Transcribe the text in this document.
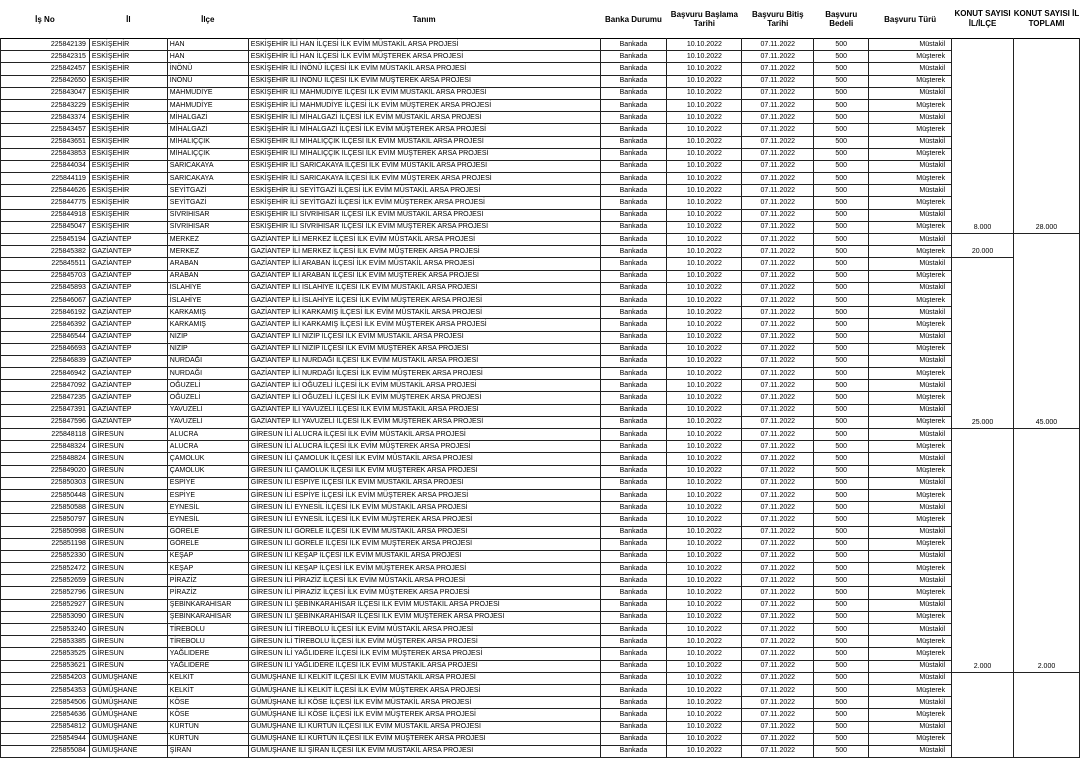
İş No	İl	İlçe	Tanım	Banka Durumu	Başvuru Başlama Tarihi	Başvuru Bitiş Tarihi	Başvuru Bedeli	Başvuru Türü	KONUT SAYISI İL/İLÇE	KONUT SAYISI İL TOPLAMI
225842139	ESKİŞEHİR	HAN	ESKİŞEHİR İLİ HAN İLÇESİ İLK EVİM MÜSTAKİL ARSA PROJESİ	Bankada	10.10.2022	07.11.2022	500	Müstakil	8.000	28.000
225842315	ESKİŞEHİR	HAN	ESKİŞEHİR İLİ HAN İLÇESİ İLK EVİM MÜŞTEREK ARSA PROJESİ	Bankada	10.10.2022	07.11.2022	500	Müşterek		
225842457	ESKİŞEHİR	İNÖNÜ	ESKİŞEHİR İLİ İNÖNÜ İLÇESİ İLK EVİM MÜSTAKİL ARSA PROJESİ	Bankada	10.10.2022	07.11.2022	500	Müstakil		
225842650	ESKİŞEHİR	İNÖNÜ	ESKİŞEHİR İLİ İNÖNÜ İLÇESİ İLK EVİM MÜŞTEREK ARSA PROJESİ	Bankada	10.10.2022	07.11.2022	500	Müşterek		
225843047	ESKİŞEHİR	MAHMUDİYE	ESKİŞEHİR İLİ MAHMUDİYE İLÇESİ İLK EVİM MÜSTAKİL ARSA PROJESİ	Bankada	10.10.2022	07.11.2022	500	Müstakil		
225843229	ESKİŞEHİR	MAHMUDİYE	ESKİŞEHİR İLİ MAHMUDİYE İLÇESİ İLK EVİM MÜŞTEREK ARSA PROJESİ	Bankada	10.10.2022	07.11.2022	500	Müşterek		
225843374	ESKİŞEHİR	MİHALGAZİ	ESKİŞEHİR İLİ MİHALGAZİ İLÇESİ İLK EVİM MÜSTAKİL ARSA PROJESİ	Bankada	10.10.2022	07.11.2022	500	Müstakil		
225843457	ESKİŞEHİR	MİHALGAZİ	ESKİŞEHİR İLİ MİHALGAZİ İLÇESİ İLK EVİM MÜŞTEREK ARSA PROJESİ	Bankada	10.10.2022	07.11.2022	500	Müşterek		
225843651	ESKİŞEHİR	MİHALIÇÇIK	ESKİŞEHİR İLİ MİHALIÇÇIK İLÇESİ İLK EVİM MÜSTAKİL ARSA PROJESİ	Bankada	10.10.2022	07.11.2022	500	Müstakil		
225843853	ESKİŞEHİR	MİHALIÇÇIK	ESKİŞEHİR İLİ MİHALIÇÇIK İLÇESİ İLK EVİM MÜŞTEREK ARSA PROJESİ	Bankada	10.10.2022	07.11.2022	500	Müşterek		
225844034	ESKİŞEHİR	SARICAKAYA	ESKİŞEHİR İLİ SARICAKAYA İLÇESİ İLK EVİM MÜSTAKİL ARSA PROJESİ	Bankada	10.10.2022	07.11.2022	500	Müstakil		
225844119	ESKİŞEHİR	SARICAKAYA	ESKİŞEHİR İLİ SARICAKAYA İLÇESİ İLK EVİM MÜŞTEREK ARSA PROJESİ	Bankada	10.10.2022	07.11.2022	500	Müşterek		
225844626	ESKİŞEHİR	SEYİTGAZİ	ESKİŞEHİR İLİ SEYİTGAZİ İLÇESİ İLK EVİM MÜSTAKİL ARSA PROJESİ	Bankada	10.10.2022	07.11.2022	500	Müstakil		
225844775	ESKİŞEHİR	SEYİTGAZİ	ESKİŞEHİR İLİ SEYİTGAZİ İLÇESİ İLK EVİM MÜŞTEREK ARSA PROJESİ	Bankada	10.10.2022	07.11.2022	500	Müşterek		
225844918	ESKİŞEHİR	SİVRİHİSAR	ESKİŞEHİR İLİ SİVRİHİSAR İLÇESİ İLK EVİM MÜSTAKİL ARSA PROJESİ	Bankada	10.10.2022	07.11.2022	500	Müstakil		
225845047	ESKİŞEHİR	SİVRİHİSAR	ESKİŞEHİR İLİ SİVRİHİSAR İLÇESİ İLK EVİM MÜŞTEREK ARSA PROJESİ	Bankada	10.10.2022	07.11.2022	500	Müşterek		
225845194	GAZİANTEP	MERKEZ	GAZİANTEP İLİ MERKEZ İLÇESİ İLK EVİM MÜSTAKİL ARSA PROJESİ	Bankada	10.10.2022	07.11.2022	500	Müstakil	20.000	45.000
225845382	GAZİANTEP	MERKEZ	GAZİANTEP İLİ MERKEZ İLÇESİ İLK EVİM MÜŞTEREK ARSA PROJESİ	Bankada	10.10.2022	07.11.2022	500	Müşterek		
225845511	GAZİANTEP	ARABAN	GAZİANTEP İLİ ARABAN İLÇESİ İLK EVİM MÜSTAKİL ARSA PROJESİ	Bankada	10.10.2022	07.11.2022	500	Müstakil	25.000	
225845703	GAZİANTEP	ARABAN	GAZİANTEP İLİ ARABAN İLÇESİ İLK EVİM MÜŞTEREK ARSA PROJESİ	Bankada	10.10.2022	07.11.2022	500	Müşterek		
225845893	GAZİANTEP	İSLAHİYE	GAZİANTEP İLİ İSLAHİYE İLÇESİ İLK EVİM MÜSTAKİL ARSA PROJESİ	Bankada	10.10.2022	07.11.2022	500	Müstakil		
225846067	GAZİANTEP	İSLAHİYE	GAZİANTEP İLİ İSLAHİYE İLÇESİ İLK EVİM MÜŞTEREK ARSA PROJESİ	Bankada	10.10.2022	07.11.2022	500	Müşterek		
225846192	GAZİANTEP	KARKAMIŞ	GAZİANTEP İLİ KARKAMIŞ İLÇESİ İLK EVİM MÜSTAKİL ARSA PROJESİ	Bankada	10.10.2022	07.11.2022	500	Müstakil		
225846392	GAZİANTEP	KARKAMIŞ	GAZİANTEP İLİ KARKAMIŞ İLÇESİ İLK EVİM MÜŞTEREK ARSA PROJESİ	Bankada	10.10.2022	07.11.2022	500	Müşterek		
225846544	GAZİANTEP	NİZİP	GAZİANTEP İLİ NİZİP İLÇESİ İLK EVİM MÜSTAKİL ARSA PROJESİ	Bankada	10.10.2022	07.11.2022	500	Müstakil		
225846693	GAZİANTEP	NİZİP	GAZİANTEP İLİ NİZİP İLÇESİ İLK EVİM MÜŞTEREK ARSA PROJESİ	Bankada	10.10.2022	07.11.2022	500	Müşterek		
225846839	GAZİANTEP	NURDAĞI	GAZİANTEP İLİ NURDAĞI İLÇESİ İLK EVİM MÜSTAKİL ARSA PROJESİ	Bankada	10.10.2022	07.11.2022	500	Müstakil		
225846942	GAZİANTEP	NURDAĞI	GAZİANTEP İLİ NURDAĞI İLÇESİ İLK EVİM MÜŞTEREK ARSA PROJESİ	Bankada	10.10.2022	07.11.2022	500	Müşterek		
225847092	GAZİANTEP	OĞUZELİ	GAZİANTEP İLİ OĞUZELİ İLÇESİ İLK EVİM MÜSTAKİL ARSA PROJESİ	Bankada	10.10.2022	07.11.2022	500	Müstakil		
225847235	GAZİANTEP	OĞUZELİ	GAZİANTEP İLİ OĞUZELİ İLÇESİ İLK EVİM MÜŞTEREK ARSA PROJESİ	Bankada	10.10.2022	07.11.2022	500	Müşterek		
225847391	GAZİANTEP	YAVUZELİ	GAZİANTEP İLİ YAVUZELİ İLÇESİ İLK EVİM MÜSTAKİL ARSA PROJESİ	Bankada	10.10.2022	07.11.2022	500	Müstakil		
225847596	GAZİANTEP	YAVUZELİ	GAZİANTEP İLİ YAVUZELİ İLÇESİ İLK EVİM MÜŞTEREK ARSA PROJESİ	Bankada	10.10.2022	07.11.2022	500	Müşterek		
225848118	GİRESUN	ALUCRA	GİRESUN İLİ ALUCRA İLÇESİ İLK EVİM MÜSTAKİL ARSA PROJESİ	Bankada	10.10.2022	07.11.2022	500	Müstakil	2.000	2.000
225848324	GİRESUN	ALUCRA	GİRESUN İLİ ALUCRA İLÇESİ İLK EVİM MÜŞTEREK ARSA PROJESİ	Bankada	10.10.2022	07.11.2022	500	Müşterek		
225848824	GİRESUN	ÇAMOLUK	GİRESUN İLİ ÇAMOLUK İLÇESİ İLK EVİM MÜSTAKİL ARSA PROJESİ	Bankada	10.10.2022	07.11.2022	500	Müstakil		
225849020	GİRESUN	ÇAMOLUK	GİRESUN İLİ ÇAMOLUK İLÇESİ İLK EVİM MÜŞTEREK ARSA PROJESİ	Bankada	10.10.2022	07.11.2022	500	Müşterek		
225850303	GİRESUN	ESPİYE	GİRESUN İLİ ESPİYE İLÇESİ İLK EVİM MÜSTAKİL ARSA PROJESİ	Bankada	10.10.2022	07.11.2022	500	Müstakil		
225850448	GİRESUN	ESPİYE	GİRESUN İLİ ESPİYE İLÇESİ İLK EVİM MÜŞTEREK ARSA PROJESİ	Bankada	10.10.2022	07.11.2022	500	Müşterek		
225850588	GİRESUN	EYNESİL	GİRESUN İLİ EYNESİL İLÇESİ İLK EVİM MÜSTAKİL ARSA PROJESİ	Bankada	10.10.2022	07.11.2022	500	Müstakil		
225850797	GİRESUN	EYNESİL	GİRESUN İLİ EYNESİL İLÇESİ İLK EVİM MÜŞTEREK ARSA PROJESİ	Bankada	10.10.2022	07.11.2022	500	Müşterek		
225850998	GİRESUN	GÖRELE	GİRESUN İLİ GÖRELE İLÇESİ İLK EVİM MÜSTAKİL ARSA PROJESİ	Bankada	10.10.2022	07.11.2022	500	Müstakil		
225851198	GİRESUN	GÖRELE	GİRESUN İLİ GÖRELE İLÇESİ İLK EVİM MÜŞTEREK ARSA PROJESİ	Bankada	10.10.2022	07.11.2022	500	Müşterek		
225852330	GİRESUN	KEŞAP	GİRESUN İLİ KEŞAP İLÇESİ İLK EVİM MÜSTAKİL ARSA PROJESİ	Bankada	10.10.2022	07.11.2022	500	Müstakil		
225852472	GİRESUN	KEŞAP	GİRESUN İLİ KEŞAP İLÇESİ İLK EVİM MÜŞTEREK ARSA PROJESİ	Bankada	10.10.2022	07.11.2022	500	Müşterek		
225852659	GİRESUN	PİRAZİZ	GİRESUN İLİ PİRAZİZ İLÇESİ İLK EVİM MÜSTAKİL ARSA PROJESİ	Bankada	10.10.2022	07.11.2022	500	Müstakil		
225852796	GİRESUN	PİRAZİZ	GİRESUN İLİ PİRAZİZ İLÇESİ İLK EVİM MÜŞTEREK ARSA PROJESİ	Bankada	10.10.2022	07.11.2022	500	Müşterek		
225852927	GİRESUN	ŞEBİNKARAHİSAR	GİRESUN İLİ ŞEBİNKARAHİSAR İLÇESİ İLK EVİM MÜSTAKİL ARSA PROJESİ	Bankada	10.10.2022	07.11.2022	500	Müstakil		
225853090	GİRESUN	ŞEBİNKARAHİSAR	GİRESUN İLİ ŞEBİNKARAHİSAR İLÇESİ İLK EVİM MÜŞTEREK ARSA PROJESİ	Bankada	10.10.2022	07.11.2022	500	Müşterek		
225853240	GİRESUN	TİREBOLU	GİRESUN İLİ TİREBOLU İLÇESİ İLK EVİM MÜSTAKİL ARSA PROJESİ	Bankada	10.10.2022	07.11.2022	500	Müstakil		
225853385	GİRESUN	TİREBOLU	GİRESUN İLİ TİREBOLU İLÇESİ İLK EVİM MÜŞTEREK ARSA PROJESİ	Bankada	10.10.2022	07.11.2022	500	Müşterek		
225853525	GİRESUN	YAĞLIDERE	GİRESUN İLİ YAĞLIDERE İLÇESİ İLK EVİM MÜŞTEREK ARSA PROJESİ	Bankada	10.10.2022	07.11.2022	500	Müşterek		
225853621	GİRESUN	YAĞLIDERE	GİRESUN İLİ YAĞLIDERE İLÇESİ İLK EVİM MÜSTAKİL ARSA PROJESİ	Bankada	10.10.2022	07.11.2022	500	Müstakil		
225854203	GÜMÜŞHANE	KELKİT	GÜMÜŞHANE İLİ KELKİT İLÇESİ İLK EVİM MÜSTAKİL ARSA PROJESİ	Bankada	10.10.2022	07.11.2022	500	Müstakil		
225854353	GÜMÜŞHANE	KELKİT	GÜMÜŞHANE İLİ KELKİT İLÇESİ İLK EVİM MÜŞTEREK ARSA PROJESİ	Bankada	10.10.2022	07.11.2022	500	Müşterek		
225854506	GÜMÜŞHANE	KÖSE	GÜMÜŞHANE İLİ KÖSE İLÇESİ İLK EVİM MÜSTAKİL ARSA PROJESİ	Bankada	10.10.2022	07.11.2022	500	Müstakil		
225854636	GÜMÜŞHANE	KÖSE	GÜMÜŞHANE İLİ KÖSE İLÇESİ İLK EVİM MÜŞTEREK ARSA PROJESİ	Bankada	10.10.2022	07.11.2022	500	Müşterek		
225854812	GÜMÜŞHANE	KÜRTÜN	GÜMÜŞHANE İLİ KÜRTÜN İLÇESİ İLK EVİM MÜSTAKİL ARSA PROJESİ	Bankada	10.10.2022	07.11.2022	500	Müstakil		
225854944	GÜMÜŞHANE	KÜRTÜN	GÜMÜŞHANE İLİ KÜRTÜN İLÇESİ İLK EVİM MÜŞTEREK ARSA PROJESİ	Bankada	10.10.2022	07.11.2022	500	Müşterek		
225855084	GÜMÜŞHANE	ŞİRAN	GÜMÜŞHANE İLİ ŞİRAN İLÇESİ İLK EVİM MÜSTAKİL ARSA PROJESİ	Bankada	10.10.2022	07.11.2022	500	Müstakil		
